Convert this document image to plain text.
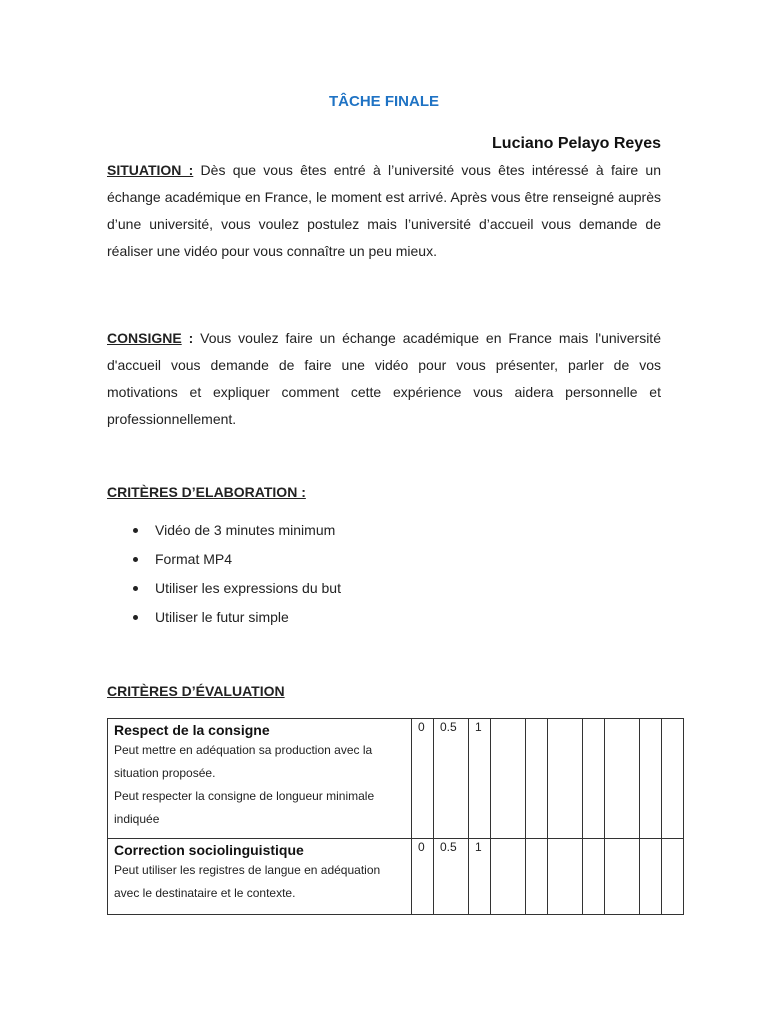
TÂCHE FINALE
Luciano Pelayo Reyes

SITUATION : Dès que vous êtes entré à l’université vous êtes intéressé à faire un échange académique en France, le moment est arrivé. Après vous être renseigné auprès d’une université, vous voulez postulez mais l’université d’accueil vous demande de réaliser une vidéo pour vous connaître un peu mieux.

CONSIGNE : Vous voulez faire un échange académique en France mais l'université d'accueil vous demande de faire une vidéo pour vous présenter, parler de vos motivations et expliquer comment cette expérience vous aidera personnelle et professionnellement.

CRITÈRES D’ELABORATION :
Vidéo de 3 minutes minimum
Format MP4
Utiliser les expressions du but
Utiliser le futur simple
CRITÈRES D’ÉVALUATION
Respect de la consigne
Peut mettre en adéquation sa production avec la situation proposée.
Peut respecter la consigne de longueur minimale indiquée	0	0.5	1							

Correction sociolinguistique
Peut utiliser les registres de langue en adéquation avec le destinataire et le contexte.	0	0.5	1							
